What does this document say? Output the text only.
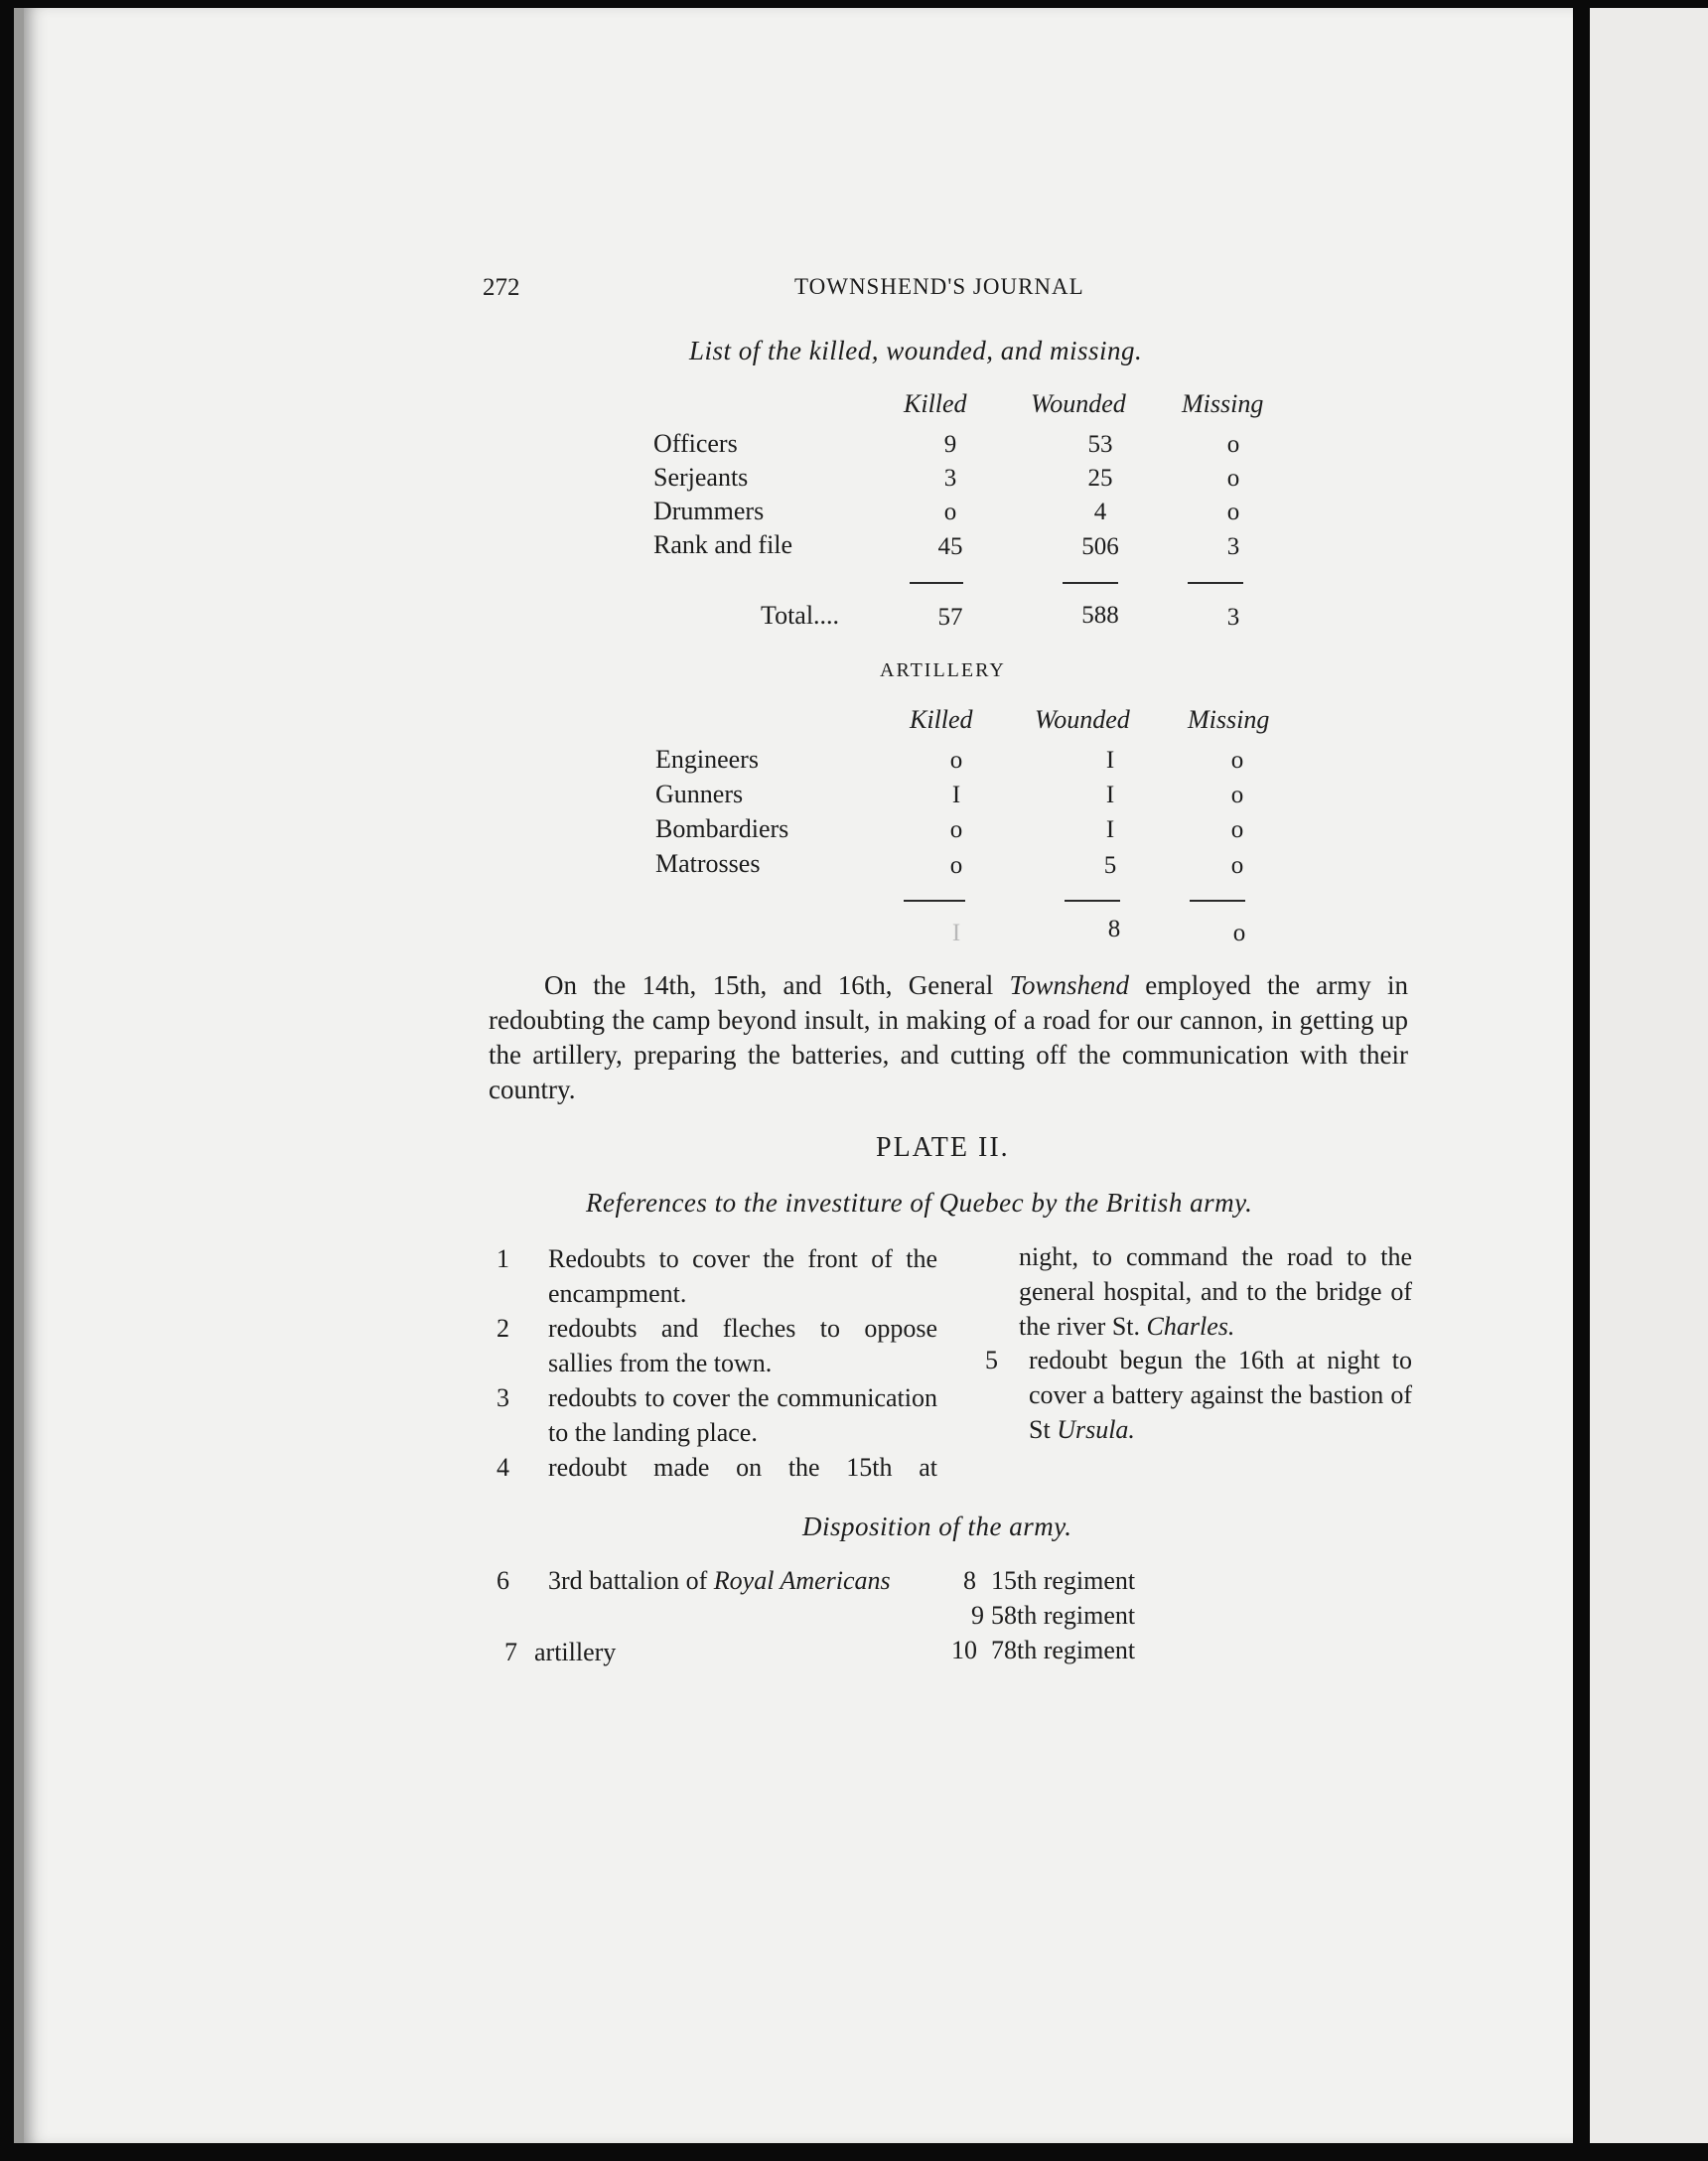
272	TOWNSHEND'S JOURNAL
List of the killed, wounded, and missing.
Killed Wounded Missing
Officers	9	53	o
Serjeants	3	25	o
Drummers	o	4	o
Rank and file	45	506	3
Total....	57	588	3
ARTILLERY
Killed Wounded Missing
Engineers	o	I	o
Gunners	I	I	o
Bombardiers	o	I	o
Matrosses	o	5	o
I	8	o
On the 14th, 15th, and 16th, General Townshend employed the army in redoubting the camp beyond insult, in making of a road for our cannon, in getting up the artillery, preparing the batteries, and cutting off the communication with their country.
PLATE II.
References to the investiture of Quebec by the British army.
1 Redoubts to cover the front of the encampment.
2 redoubts and fleches to oppose sallies from the town.
3 redoubts to cover the communication to the landing place.
4 redoubt made on the 15th at
night, to command the road to the general hospital, and to the bridge of the river St. Charles.
5 redoubt begun the 16th at night to cover a battery against the bastion of St Ursula.
Disposition of the army.
6 3rd battalion of Royal Americans
7 artillery
8 15th regiment
9 58th regiment
10 78th regiment
